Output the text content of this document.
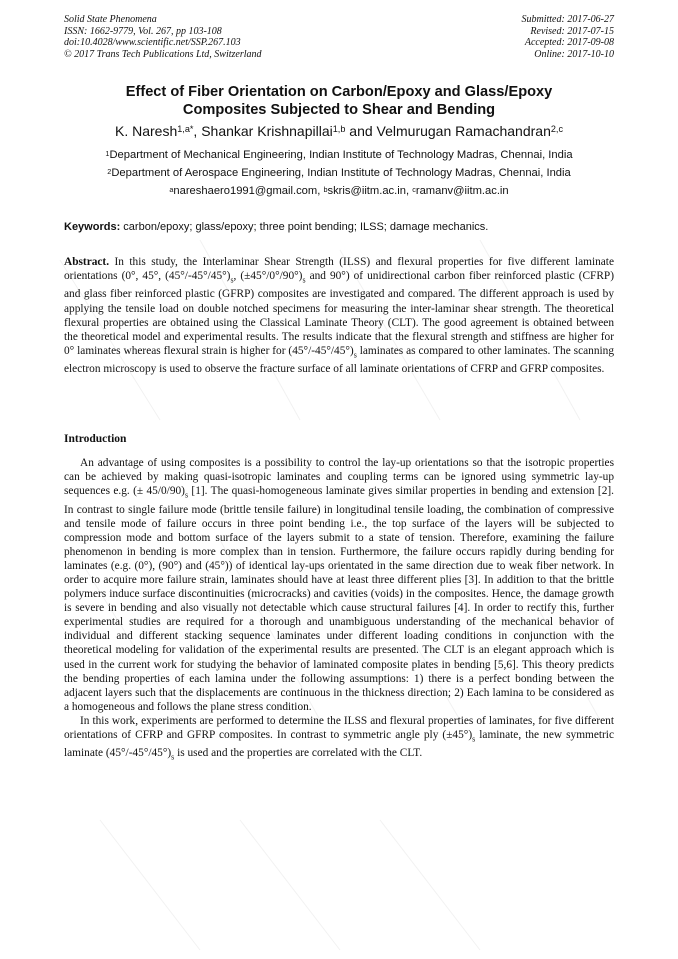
Solid State Phenomena
ISSN: 1662-9779, Vol. 267, pp 103-108
doi:10.4028/www.scientific.net/SSP.267.103
© 2017 Trans Tech Publications Ltd, Switzerland
Submitted: 2017-06-27
Revised: 2017-07-15
Accepted: 2017-09-08
Online: 2017-10-10
Effect of Fiber Orientation on Carbon/Epoxy and Glass/Epoxy
Composites Subjected to Shear and Bending
K. Naresh$^{1,a*}$, Shankar Krishnapillai$^{1,b}$ and Velmurugan Ramachandran$^{2,c}$
$^1$Department of Mechanical Engineering, Indian Institute of Technology Madras, Chennai, India
$^2$Department of Aerospace Engineering, Indian Institute of Technology Madras, Chennai, India
$^a$nareshaero1991@gmail.com, $^b$skris@iitm.ac.in, $^c$ramanv@iitm.ac.in
Keywords: carbon/epoxy; glass/epoxy; three point bending; ILSS; damage mechanics.

Abstract. In this study, the Interlaminar Shear Strength (ILSS) and flexural properties for five different laminate orientations (0°, 45°, $(45^\circ/-45^\circ/45^\circ)_s$, $(\pm 45^\circ/0^\circ/90^\circ)_s$ and 90°) of unidirectional carbon fiber reinforced plastic (CFRP) and glass fiber reinforced plastic (GFRP) composites are investigated and compared. The different approach is used by applying the tensile load on double notched specimens for measuring the inter-laminar shear strength. The theoretical flexural properties are obtained using the Classical Laminate Theory (CLT). The good agreement is obtained between the theoretical model and experimental results. The results indicate that the flexural strength and stiffness are higher for 0° laminates whereas flexural strain is higher for $(45^\circ/-45^\circ/45^\circ)_s$ laminates as compared to other laminates. The scanning electron microscopy is used to observe the fracture surface of all laminate orientations of CFRP and GFRP composites.

Introduction

An advantage of using composites is a possibility to control the lay-up orientations so that the isotropic properties can be achieved by making quasi-isotropic laminates and coupling terms can be ignored using symmetric lay-up sequences e.g. (± $45/0/90)_s$ [1]. The quasi-homogeneous laminate gives similar properties in bending and extension [2]. In contrast to single failure mode (brittle tensile failure) in longitudinal tensile loading, the combination of compressive and tensile mode of failure occurs in three point bending i.e., the top surface of the layers will be subjected to compression mode and bottom surface of the layers submit to a state of tension. Therefore, examining the failure phenomenon in bending is more complex than in tension. Furthermore, the failure occurs rapidly during bending for laminates (e.g. (0°), (90°) and (45°)) of identical lay-ups orientated in the same direction due to weak fiber network. In order to acquire more failure strain, laminates should have at least three different plies [3]. In addition to that the brittle polymers induce surface discontinuities (microcracks) and cavities (voids) in the composites. Hence, the damage growth is severe in bending and also visually not detectable which cause structural failures [4]. In order to rectify this, further experimental studies are required for a thorough and unambiguous understanding of the mechanical behavior of individual and different stacking sequence laminates under different loading conditions in conjunction with the theoretical modeling for validation of the experimental results are presented. The CLT is an elegant approach which is used in the current work for studying the behavior of laminated composite plates in bending [5,6]. This theory predicts the bending properties of each lamina under the following assumptions: 1) there is a perfect bonding between the adjacent layers such that the displacements are continuous in the thickness direction; 2) Each lamina to be considered as a homogeneous and follows the plane stress condition.

In this work, experiments are performed to determine the ILSS and flexural properties of laminates, for five different orientations of CFRP and GFRP composites. In contrast to symmetric angle ply $(\pm 45^\circ)_s$ laminate, the new symmetric laminate $(45^\circ/-45^\circ/45^\circ)_s$ is used and the properties are correlated with the CLT.
